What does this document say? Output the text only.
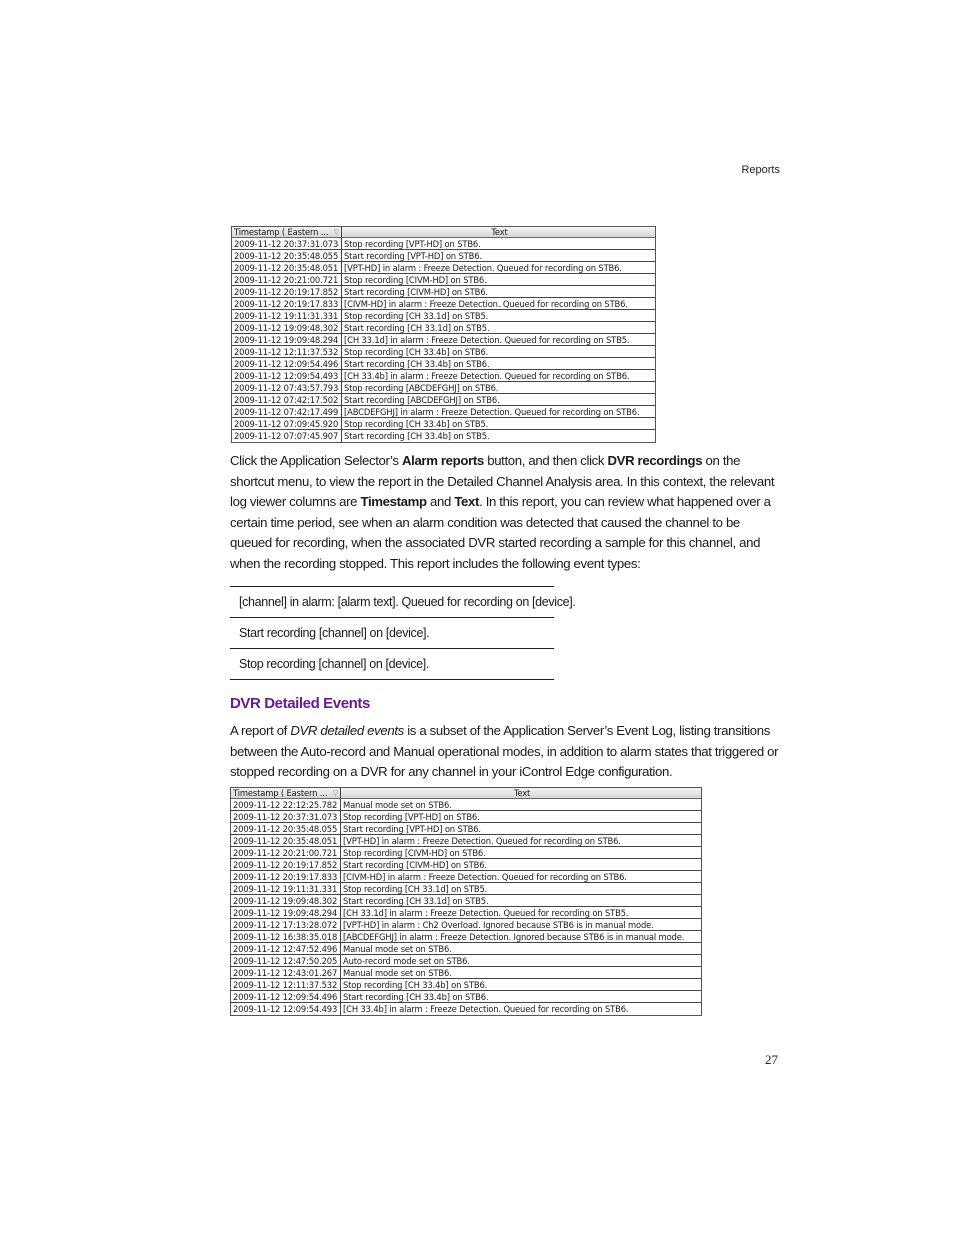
Reports
Timestamp ( Eastern ... ▽	Text
2009-11-12 20:37:31.073 Stop recording [VPT-HD] on STB6.
2009-11-12 20:35:48.055 Start recording [VPT-HD] on STB6.
2009-11-12 20:35:48.051 [VPT-HD] in alarm : Freeze Detection. Queued for recording on STB6.
2009-11-12 20:21:00.721 Stop recording [CIVM-HD] on STB6.
2009-11-12 20:19:17.852 Start recording [CIVM-HD] on STB6.
2009-11-12 20:19:17.833 [CIVM-HD] in alarm : Freeze Detection. Queued for recording on STB6.
2009-11-12 19:11:31.331 Stop recording [CH 33.1d] on STB5.
2009-11-12 19:09:48.302 Start recording [CH 33.1d] on STB5.
2009-11-12 19:09:48.294 [CH 33.1d] in alarm : Freeze Detection. Queued for recording on STB5.
2009-11-12 12:11:37.532 Stop recording [CH 33.4b] on STB6.
2009-11-12 12:09:54.496 Start recording [CH 33.4b] on STB6.
2009-11-12 12:09:54.493 [CH 33.4b] in alarm : Freeze Detection. Queued for recording on STB6.
2009-11-12 07:43:57.793 Stop recording [ABCDEFGHJ] on STB6.
2009-11-12 07:42:17.502 Start recording [ABCDEFGHJ] on STB6.
2009-11-12 07:42:17.499 [ABCDEFGHJ] in alarm : Freeze Detection. Queued for recording on STB6.
2009-11-12 07:09:45.920 Stop recording [CH 33.4b] on STB5.
2009-11-12 07:07:45.907 Start recording [CH 33.4b] on STB5.
Click the Application Selector’s Alarm reports button, and then click DVR recordings on the shortcut menu, to view the report in the Detailed Channel Analysis area. In this context, the relevant log viewer columns are Timestamp and Text. In this report, you can review what happened over a certain time period, see when an alarm condition was detected that caused the channel to be queued for recording, when the associated DVR started recording a sample for this channel, and when the recording stopped. This report includes the following event types:
[channel] in alarm: [alarm text]. Queued for recording on [device].
Start recording [channel] on [device].
Stop recording [channel] on [device].
DVR Detailed Events
A report of DVR detailed events is a subset of the Application Server’s Event Log, listing transitions between the Auto-record and Manual operational modes, in addition to alarm states that triggered or stopped recording on a DVR for any channel in your iControl Edge configuration.
Timestamp ( Eastern ... ▽	Text
2009-11-12 22:12:25.782 Manual mode set on STB6.
2009-11-12 20:37:31.073 Stop recording [VPT-HD] on STB6.
2009-11-12 20:35:48.055 Start recording [VPT-HD] on STB6.
2009-11-12 20:35:48.051 [VPT-HD] in alarm : Freeze Detection. Queued for recording on STB6.
2009-11-12 20:21:00.721 Stop recording [CIVM-HD] on STB6.
2009-11-12 20:19:17.852 Start recording [CIVM-HD] on STB6.
2009-11-12 20:19:17.833 [CIVM-HD] in alarm : Freeze Detection. Queued for recording on STB6.
2009-11-12 19:11:31.331 Stop recording [CH 33.1d] on STB5.
2009-11-12 19:09:48.302 Start recording [CH 33.1d] on STB5.
2009-11-12 19:09:48.294 [CH 33.1d] in alarm : Freeze Detection. Queued for recording on STB5.
2009-11-12 17:13:28.072 [VPT-HD] in alarm : Ch2 Overload. Ignored because STB6 is in manual mode.
2009-11-12 16:38:35.018 [ABCDEFGHJ] in alarm : Freeze Detection. Ignored because STB6 is in manual mode.
2009-11-12 12:47:52.496 Manual mode set on STB6.
2009-11-12 12:47:50.205 Auto-record mode set on STB6.
2009-11-12 12:43:01.267 Manual mode set on STB6.
2009-11-12 12:11:37.532 Stop recording [CH 33.4b] on STB6.
2009-11-12 12:09:54.496 Start recording [CH 33.4b] on STB6.
2009-11-12 12:09:54.493 [CH 33.4b] in alarm : Freeze Detection. Queued for recording on STB6.
27
